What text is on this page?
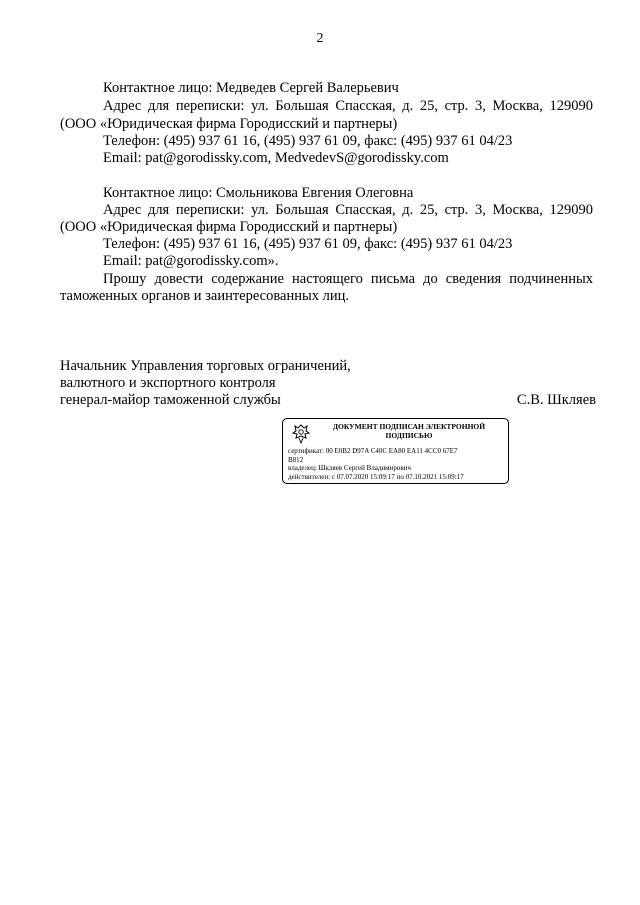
2
Контактное лицо: Медведев Сергей Валерьевич
Адрес для переписки: ул. Большая Спасская, д. 25, стр. 3, Москва, 129090
(ООО «Юридическая фирма Городисский и партнеры)
Телефон: (495) 937 61 16, (495) 937 61 09, факс: (495) 937 61 04/23
Email: pat@gorodissky.com, MedvedevS@gorodissky.com
Контактное лицо: Смольникова Евгения Олеговна
Адрес для переписки: ул. Большая Спасская, д. 25, стр. 3, Москва, 129090
(ООО «Юридическая фирма Городисский и партнеры)
Телефон: (495) 937 61 16, (495) 937 61 09, факс: (495) 937 61 04/23
Email: pat@gorodissky.com».
Прошу довести содержание настоящего письма до сведения подчиненных
таможенных органов и заинтересованных лиц.
Начальник Управления торговых ограничений,
валютного и экспортного контроля
генерал-майор таможенной службы	С.В. Шкляев
ДОКУМЕНТ ПОДПИСАН ЭЛЕКТРОННОЙ
ПОДПИСЬЮ
сертификат: 00 E0B2 D97A C40C EA80 EA11 4CC0 67E7
B812
владелец: Шкляев Сергей Владимирович
действителен: с 07.07.2020 15:09:17 по 07.10.2021 15:09:17
